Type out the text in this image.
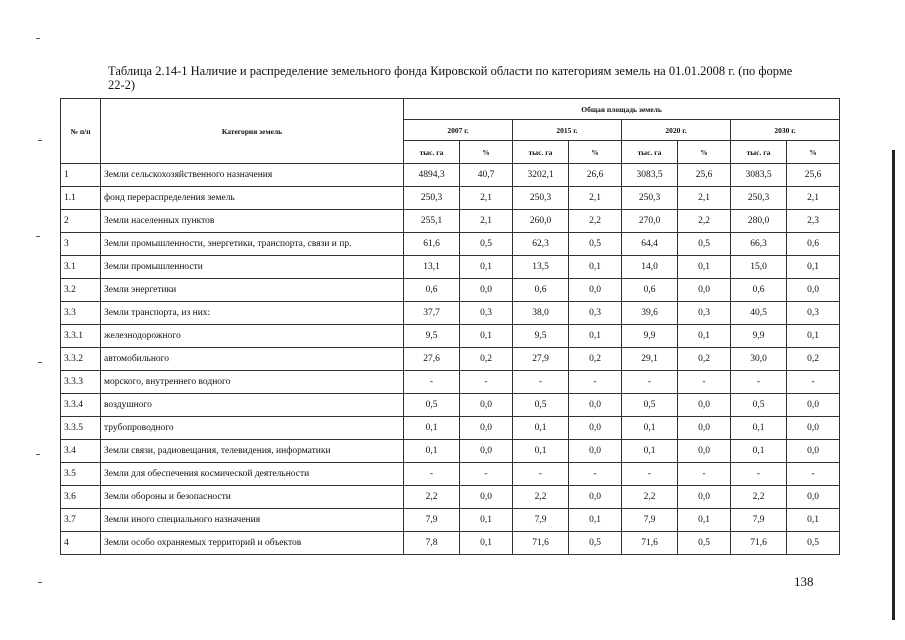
Таблица 2.14-1 Наличие и распределение земельного фонда Кировской области по категориям земель на 01.01.2008 г. (по форме 22-2)
№ п/п	Категория земель	Общая площадь земель							
		2007 г.		2015 г.		2020 г.		2030 г.	
		тыс. га	%	тыс. га	%	тыс. га	%	тыс. га	%
1	Земли сельскохозяйственного назначения	4894,3	40,7	3202,1	26,6	3083,5	25,6	3083,5	25,6
1.1	фонд перераспределения земель	250,3	2,1	250,3	2,1	250,3	2,1	250,3	2,1
2	Земли населенных пунктов	255,1	2,1	260,0	2,2	270,0	2,2	280,0	2,3
3	Земли промышленности, энергетики, транспорта, связи и пр.	61,6	0,5	62,3	0,5	64,4	0,5	66,3	0,6
3.1	Земли промышленности	13,1	0,1	13,5	0,1	14,0	0,1	15,0	0,1
3.2	Земли энергетики	0,6	0,0	0,6	0,0	0,6	0,0	0,6	0,0
3.3	Земли транспорта, из них:	37,7	0,3	38,0	0,3	39,6	0,3	40,5	0,3
3.3.1	железнодорожного	9,5	0,1	9,5	0,1	9,9	0,1	9,9	0,1
3.3.2	автомобильного	27,6	0,2	27,9	0,2	29,1	0,2	30,0	0,2
3.3.3	морского, внутреннего водного	-	-	-	-	-	-	-	-
3.3.4	воздушного	0,5	0,0	0,5	0,0	0,5	0,0	0,5	0,0
3.3.5	трубопроводного	0,1	0,0	0,1	0,0	0,1	0,0	0,1	0,0
3.4	Земли связи, радиовещания, телевидения, информатики	0,1	0,0	0,1	0,0	0,1	0,0	0,1	0,0
3.5	Земли для обеспечения космической деятельности	-	-	-	-	-	-	-	-
3.6	Земли обороны и безопасности	2,2	0,0	2,2	0,0	2,2	0,0	2,2	0,0
3.7	Земли иного специального назначения	7,9	0,1	7,9	0,1	7,9	0,1	7,9	0,1
4	Земли особо охраняемых территорий и объектов	7,8	0,1	71,6	0,5	71,6	0,5	71,6	0,5
138
